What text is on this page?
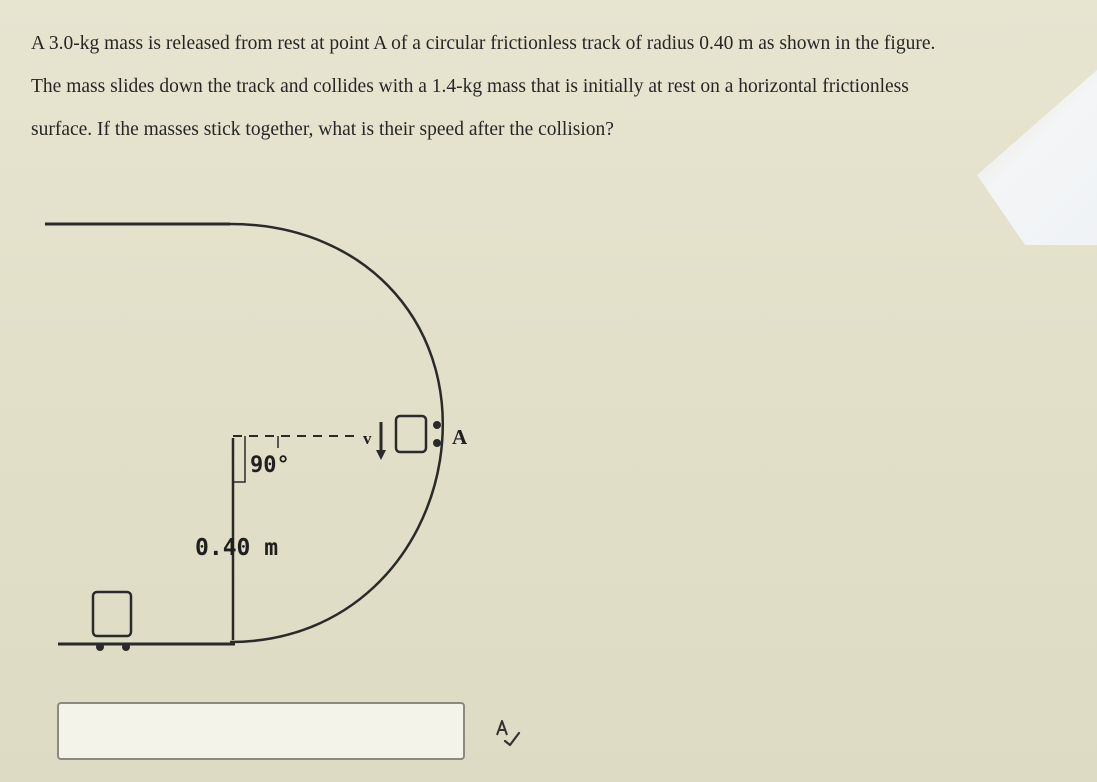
A 3.0-kg mass is released from rest at point A of a circular frictionless track of radius 0.40 m as shown in the figure.

The mass slides down the track and collides with a 1.4-kg mass that is initially at rest on a horizontal frictionless

surface. If the masses stick together, what is their speed after the collision?

90°
0.40 m
v	A
